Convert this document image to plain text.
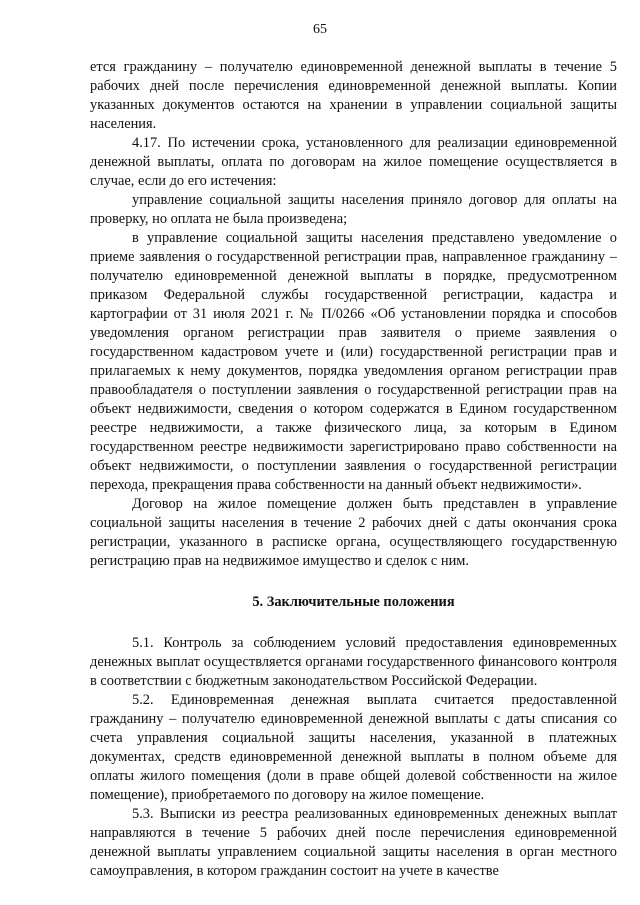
65

ется гражданину – получателю единовременной денежной выплаты в течение 5 рабочих дней после перечисления единовременной денежной выплаты. Копии указанных документов остаются на хранении в управлении социальной защиты населения.

4.17. По истечении срока, установленного для реализации единовременной денежной выплаты, оплата по договорам на жилое помещение осуществляется в случае, если до его истечения:

управление социальной защиты населения приняло договор для оплаты на проверку, но оплата не была произведена;

в управление социальной защиты населения представлено уведомление о приеме заявления о государственной регистрации прав, направленное гражданину – получателю единовременной денежной выплаты в порядке, предусмотренном приказом Федеральной службы государственной регистрации, кадастра и картографии от 31 июля 2021 г. № П/0266 «Об установлении порядка и способов уведомления органом регистрации прав заявителя о приеме заявления о государственном кадастровом учете и (или) государственной регистрации прав и прилагаемых к нему документов, порядка уведомления органом регистрации прав правообладателя о поступлении заявления о государственной регистрации прав на объект недвижимости, сведения о котором содержатся в Едином государственном реестре недвижимости, а также физического лица, за которым в Едином государственном реестре недвижимости зарегистрировано право собственности на объект недвижимости, о поступлении заявления о государственной регистрации перехода, прекращения права собственности на данный объект недвижимости».

Договор на жилое помещение должен быть представлен в управление социальной защиты населения в течение 2 рабочих дней с даты окончания срока регистрации, указанного в расписке органа, осуществляющего государственную регистрацию прав на недвижимое имущество и сделок с ним.

5. Заключительные положения

5.1. Контроль за соблюдением условий предоставления единовременных денежных выплат осуществляется органами государственного финансового контроля в соответствии с бюджетным законодательством Российской Федерации.

5.2. Единовременная денежная выплата считается предоставленной гражданину – получателю единовременной денежной выплаты с даты списания со счета управления социальной защиты населения, указанной в платежных документах, средств единовременной денежной выплаты в полном объеме для оплаты жилого помещения (доли в праве общей долевой собственности на жилое помещение), приобретаемого по договору на жилое помещение.

5.3. Выписки из реестра реализованных единовременных денежных выплат направляются в течение 5 рабочих дней после перечисления единовременной денежной выплаты управлением социальной защиты населения в орган местного самоуправления, в котором гражданин состоит на учете в качестве
